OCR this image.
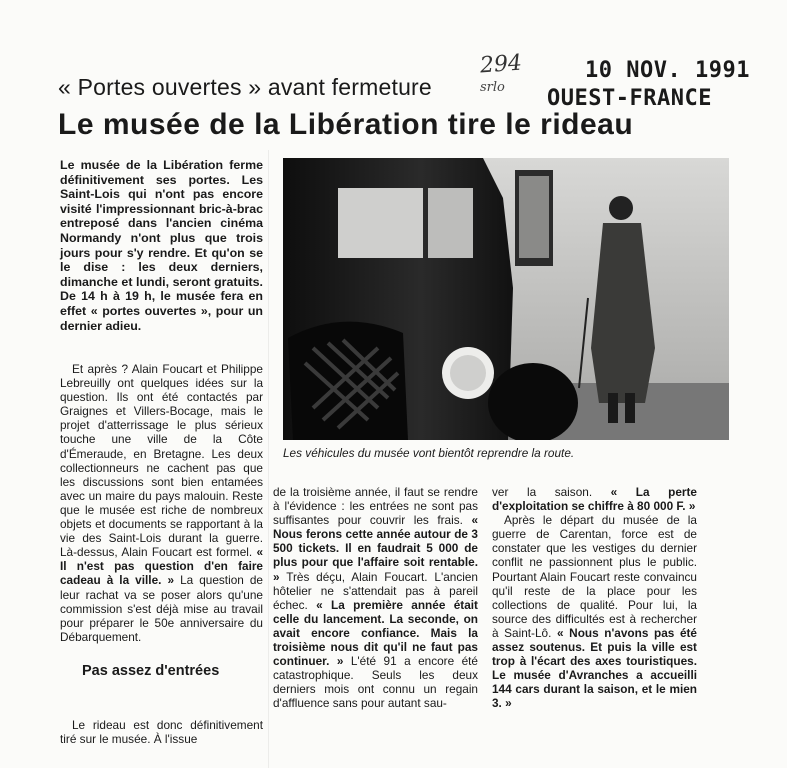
« Portes ouvertes » avant fermeture
294
srlo
10 NOV. 1991
OUEST-FRANCE
Le musée de la Libération tire le rideau

Le musée de la Libération ferme définitivement ses portes. Les Saint-Lois qui n'ont pas encore visité l'impressionnant bric-à-brac entreposé dans l'ancien cinéma Normandy n'ont plus que trois jours pour s'y rendre. Et qu'on se le dise : les deux derniers, dimanche et lundi, seront gratuits. De 14 h à 19 h, le musée fera en effet « portes ouvertes », pour un dernier adieu.

Et après ? Alain Foucart et Philippe Lebreuilly ont quelques idées sur la question. Ils ont été contactés par Graignes et Villers-Bocage, mais le projet d'atterrissage le plus sérieux touche une ville de la Côte d'Émeraude, en Bretagne. Les deux collectionneurs ne cachent pas que les discussions sont bien entamées avec un maire du pays malouin. Reste que le musée est riche de nombreux objets et documents se rapportant à la vie des Saint-Lois durant la guerre. Là-dessus, Alain Foucart est formel. « Il n'est pas question d'en faire cadeau à la ville. » La question de leur rachat va se poser alors qu'une commission s'est déjà mise au travail pour préparer le 50e anniversaire du Débarquement.

Pas assez d'entrées

Le rideau est donc définitivement tiré sur le musée. À l'issue

Les véhicules du musée vont bientôt reprendre la route.

de la troisième année, il faut se rendre à l'évidence : les entrées ne sont pas suffisantes pour couvrir les frais. « Nous ferons cette année autour de 3 500 tickets. Il en faudrait 5 000 de plus pour que l'affaire soit rentable. » Très déçu, Alain Foucart. L'ancien hôtelier ne s'attendait pas à pareil échec. « La première année était celle du lancement. La seconde, on avait encore confiance. Mais la troisième nous dit qu'il ne faut pas continuer. » L'été 91 a encore été catastrophique. Seuls les deux derniers mois ont connu un regain d'affluence sans pour autant sau-

ver la saison. « La perte d'exploitation se chiffre à 80 000 F. »

Après le départ du musée de la guerre de Carentan, force est de constater que les vestiges du dernier conflit ne passionnent plus le public. Pourtant Alain Foucart reste convaincu qu'il reste de la place pour les collections de qualité. Pour lui, la source des difficultés est à rechercher à Saint-Lô. « Nous n'avons pas été assez soutenus. Et puis la ville est trop à l'écart des axes touristiques. Le musée d'Avranches a accueilli 144 cars durant la saison, et le mien 3. »
